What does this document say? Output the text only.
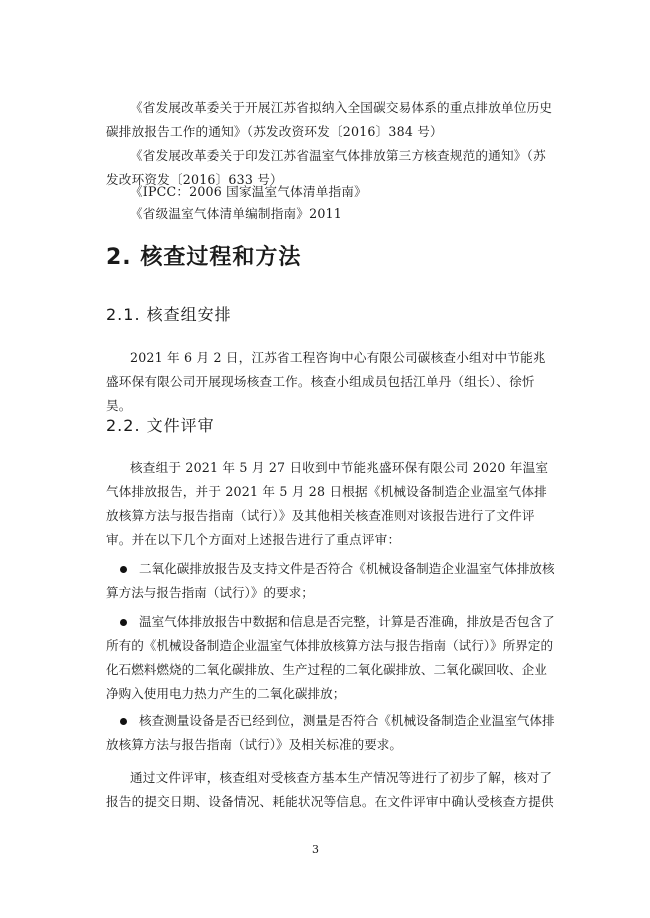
《省发展改革委关于开展江苏省拟纳入全国碳交易体系的重点排放单位历史碳排放报告工作的通知》（苏发改资环发〔2016〕384 号）
《省发展改革委关于印发江苏省温室气体排放第三方核查规范的通知》（苏发改环资发〔2016〕633 号）
《IPCC：2006 国家温室气体清单指南》
《省级温室气体清单编制指南》2011
2. 核查过程和方法
2.1. 核查组安排
2021 年 6 月 2 日，江苏省工程咨询中心有限公司碳核查小组对中节能兆盛环保有限公司开展现场核查工作。核查小组成员包括江单丹（组长）、徐忻昊。
2.2. 文件评审
核查组于 2021 年 5 月 27 日收到中节能兆盛环保有限公司 2020 年温室气体排放报告，并于 2021 年 5 月 28 日根据《机械设备制造企业温室气体排放核算方法与报告指南（试行）》及其他相关核查准则对该报告进行了文件评审。并在以下几个方面对上述报告进行了重点评审：
二氧化碳排放报告及支持文件是否符合《机械设备制造企业温室气体排放核算方法与报告指南（试行）》的要求；
温室气体排放报告中数据和信息是否完整，计算是否准确，排放是否包含了所有的《机械设备制造企业温室气体排放核算方法与报告指南（试行）》所界定的化石燃料燃烧的二氧化碳排放、生产过程的二氧化碳排放、二氧化碳回收、企业净购入使用电力热力产生的二氧化碳排放；
核查测量设备是否已经到位，测量是否符合《机械设备制造企业温室气体排放核算方法与报告指南（试行）》及相关标准的要求。
通过文件评审，核查组对受核查方基本生产情况等进行了初步了解，核对了报告的提交日期、设备情况、耗能状况等信息。在文件评审中确认受核查方提供
3
